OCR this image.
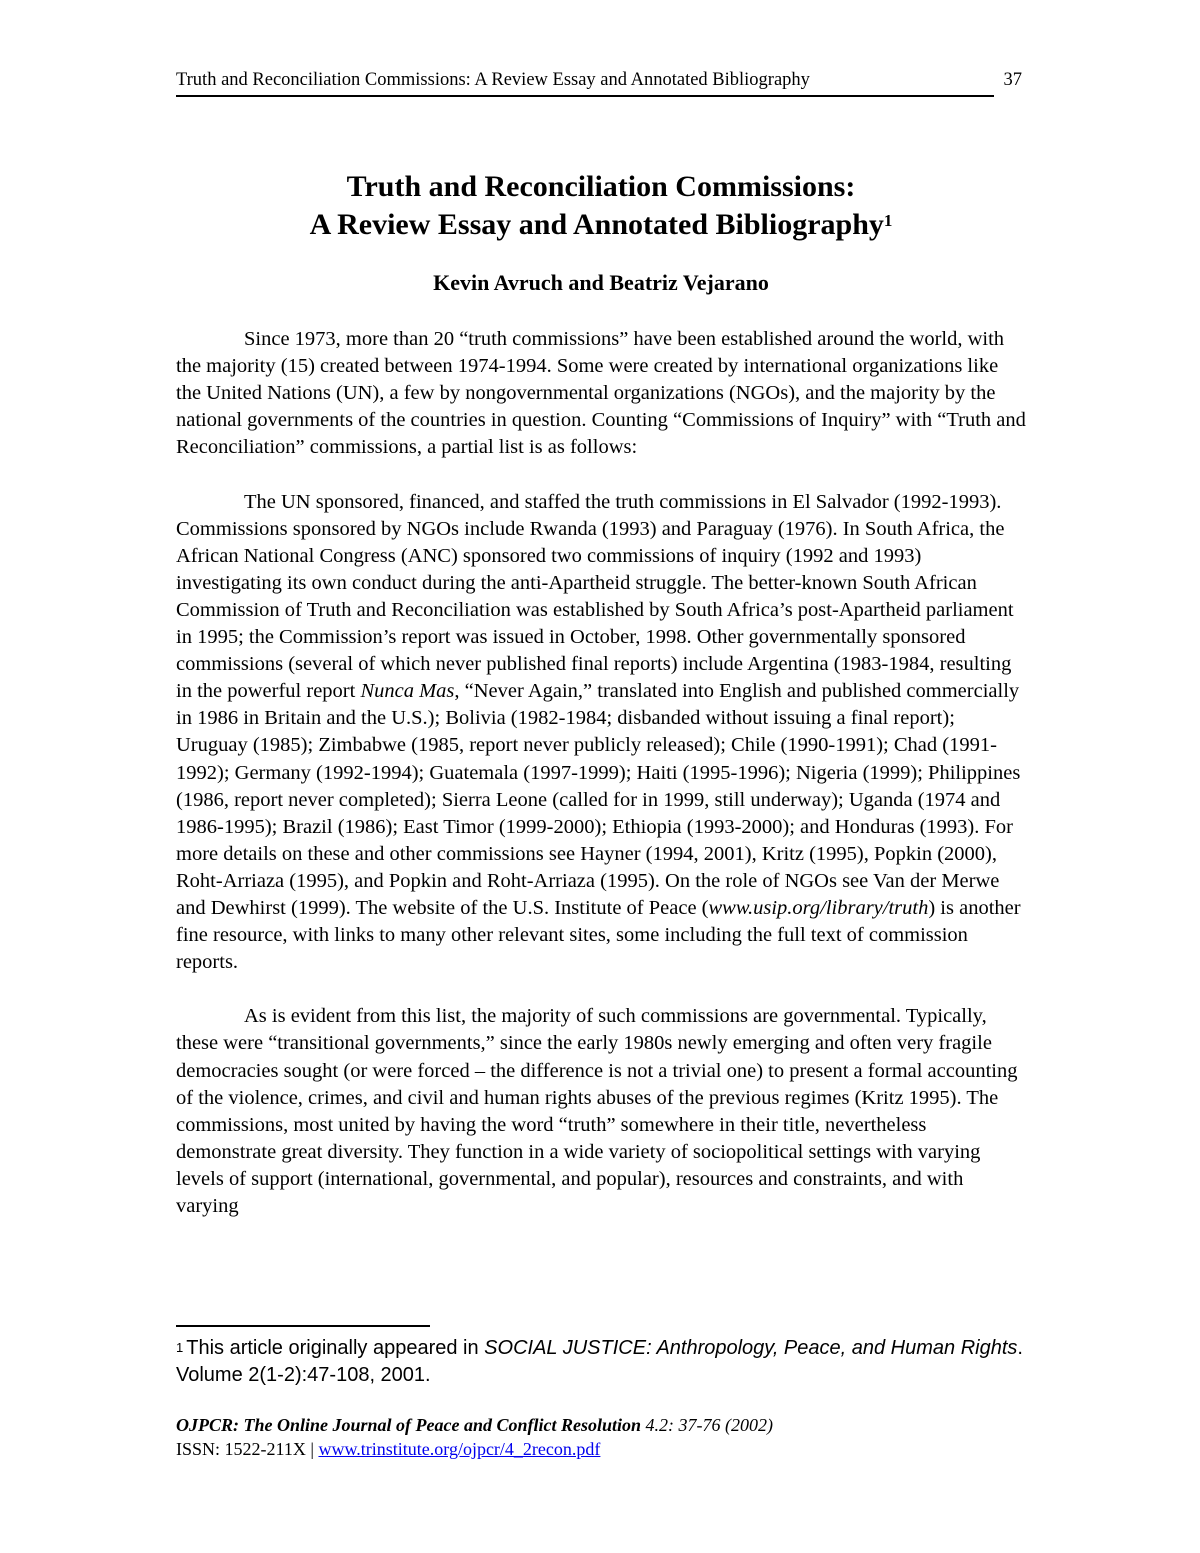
Truth and Reconciliation Commissions: A Review Essay and Annotated Bibliography	37
Truth and Reconciliation Commissions:
A Review Essay and Annotated Bibliography$^1$
Kevin Avruch and Beatriz Vejarano

Since 1973, more than 20 “truth commissions” have been established around the world, with the majority (15) created between 1974-1994. Some were created by international organizations like the United Nations (UN), a few by nongovernmental organizations (NGOs), and the majority by the national governments of the countries in question. Counting “Commissions of Inquiry” with “Truth and Reconciliation” commissions, a partial list is as follows:

The UN sponsored, financed, and staffed the truth commissions in El Salvador (1992-1993). Commissions sponsored by NGOs include Rwanda (1993) and Paraguay (1976). In South Africa, the African National Congress (ANC) sponsored two commissions of inquiry (1992 and 1993) investigating its own conduct during the anti-Apartheid struggle. The better-known South African Commission of Truth and Reconciliation was established by South Africa’s post-Apartheid parliament in 1995; the Commission’s report was issued in October, 1998. Other governmentally sponsored commissions (several of which never published final reports) include Argentina (1983-1984, resulting in the powerful report Nunca Mas, “Never Again,” translated into English and published commercially in 1986 in Britain and the U.S.); Bolivia (1982-1984; disbanded without issuing a final report); Uruguay (1985); Zimbabwe (1985, report never publicly released); Chile (1990-1991); Chad (1991-1992); Germany (1992-1994); Guatemala (1997-1999); Haiti (1995-1996); Nigeria (1999); Philippines (1986, report never completed); Sierra Leone (called for in 1999, still underway); Uganda (1974 and 1986-1995); Brazil (1986); East Timor (1999-2000); Ethiopia (1993-2000); and Honduras (1993). For more details on these and other commissions see Hayner (1994, 2001), Kritz (1995), Popkin (2000), Roht-Arriaza (1995), and Popkin and Roht-Arriaza (1995). On the role of NGOs see Van der Merwe and Dewhirst (1999). The website of the U.S. Institute of Peace (www.usip.org/library/truth) is another fine resource, with links to many other relevant sites, some including the full text of commission reports.

As is evident from this list, the majority of such commissions are governmental. Typically, these were “transitional governments,” since the early 1980s newly emerging and often very fragile democracies sought (or were forced – the difference is not a trivial one) to present a formal accounting of the violence, crimes, and civil and human rights abuses of the previous regimes (Kritz 1995). The commissions, most united by having the word “truth” somewhere in their title, nevertheless demonstrate great diversity. They function in a wide variety of sociopolitical settings with varying levels of support (international, governmental, and popular), resources and constraints, and with varying

$^1$ This article originally appeared in SOCIAL JUSTICE: Anthropology, Peace, and Human Rights. Volume 2(1-2):47-108, 2001.
OJPCR: The Online Journal of Peace and Conflict Resolution 4.2: 37-76 (2002)
ISSN: 1522-211X | www.trinstitute.org/ojpcr/4_2recon.pdf
